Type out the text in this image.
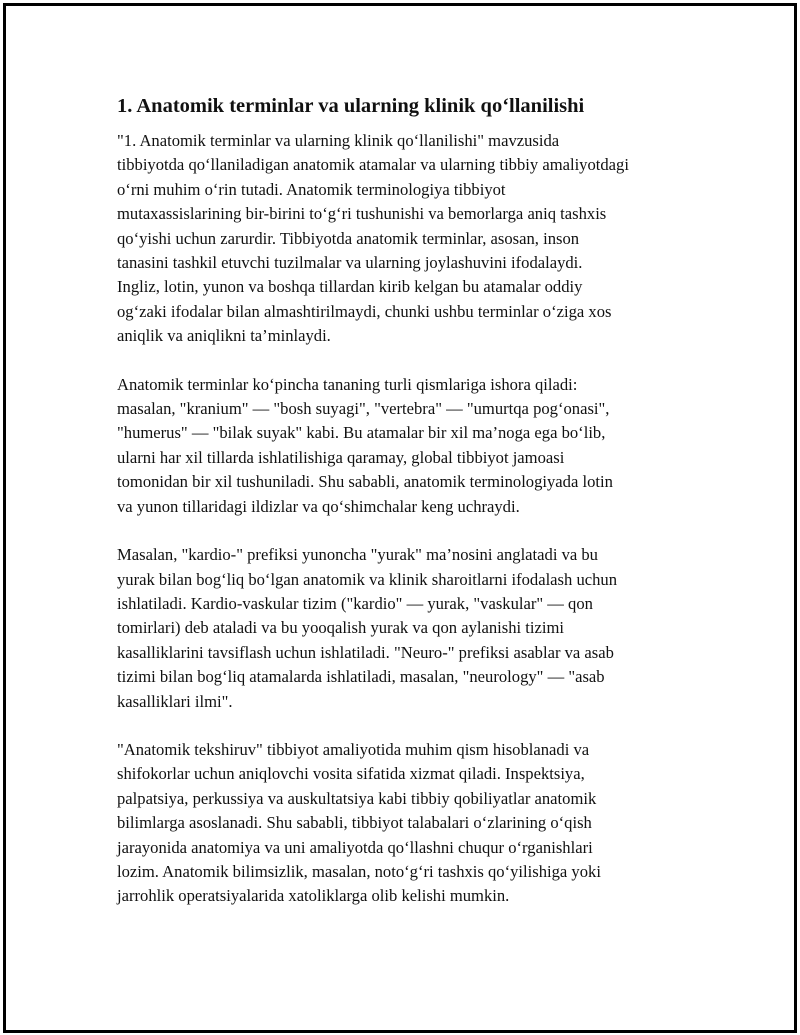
1. Anatomik terminlar va ularning klinik qo‘llanilishi
"1. Anatomik terminlar va ularning klinik qo‘llanilishi" mavzusida
tibbiyotda qo‘llaniladigan anatomik atamalar va ularning tibbiy amaliyotdagi
o‘rni muhim o‘rin tutadi. Anatomik terminologiya tibbiyot
mutaxassislarining bir-birini to‘g‘ri tushunishi va bemorlarga aniq tashxis
qo‘yishi uchun zarurdir. Tibbiyotda anatomik terminlar, asosan, inson
tanasini tashkil etuvchi tuzilmalar va ularning joylashuvini ifodalaydi.
Ingliz, lotin, yunon va boshqa tillardan kirib kelgan bu atamalar oddiy
og‘zaki ifodalar bilan almashtirilmaydi, chunki ushbu terminlar o‘ziga xos
aniqlik va aniqlikni ta’minlaydi.
Anatomik terminlar ko‘pincha tananing turli qismlariga ishora qiladi:
masalan, "kranium" — "bosh suyagi", "vertebra" — "umurtqa pog‘onasi",
"humerus" — "bilak suyak" kabi. Bu atamalar bir xil ma’noga ega bo‘lib,
ularni har xil tillarda ishlatilishiga qaramay, global tibbiyot jamoasi
tomonidan bir xil tushuniladi. Shu sababli, anatomik terminologiyada lotin
va yunon tillaridagi ildizlar va qo‘shimchalar keng uchraydi.
Masalan, "kardio-" prefiksi yunoncha "yurak" ma’nosini anglatadi va bu
yurak bilan bog‘liq bo‘lgan anatomik va klinik sharoitlarni ifodalash uchun
ishlatiladi. Kardio-vaskular tizim ("kardio" — yurak, "vaskular" — qon
tomirlari) deb ataladi va bu yooqalish yurak va qon aylanishi tizimi
kasalliklarini tavsiflash uchun ishlatiladi. "Neuro-" prefiksi asablar va asab
tizimi bilan bog‘liq atamalarda ishlatiladi, masalan, "neurology" — "asab
kasalliklari ilmi".
"Anatomik tekshiruv" tibbiyot amaliyotida muhim qism hisoblanadi va
shifokorlar uchun aniqlovchi vosita sifatida xizmat qiladi. Inspektsiya,
palpatsiya, perkussiya va auskultatsiya kabi tibbiy qobiliyatlar anatomik
bilimlarga asoslanadi. Shu sababli, tibbiyot talabalari o‘zlarining o‘qish
jarayonida anatomiya va uni amaliyotda qo‘llashni chuqur o‘rganishlari
lozim. Anatomik bilimsizlik, masalan, noto‘g‘ri tashxis qo‘yilishiga yoki
jarrohlik operatsiyalarida xatoliklarga olib kelishi mumkin.
